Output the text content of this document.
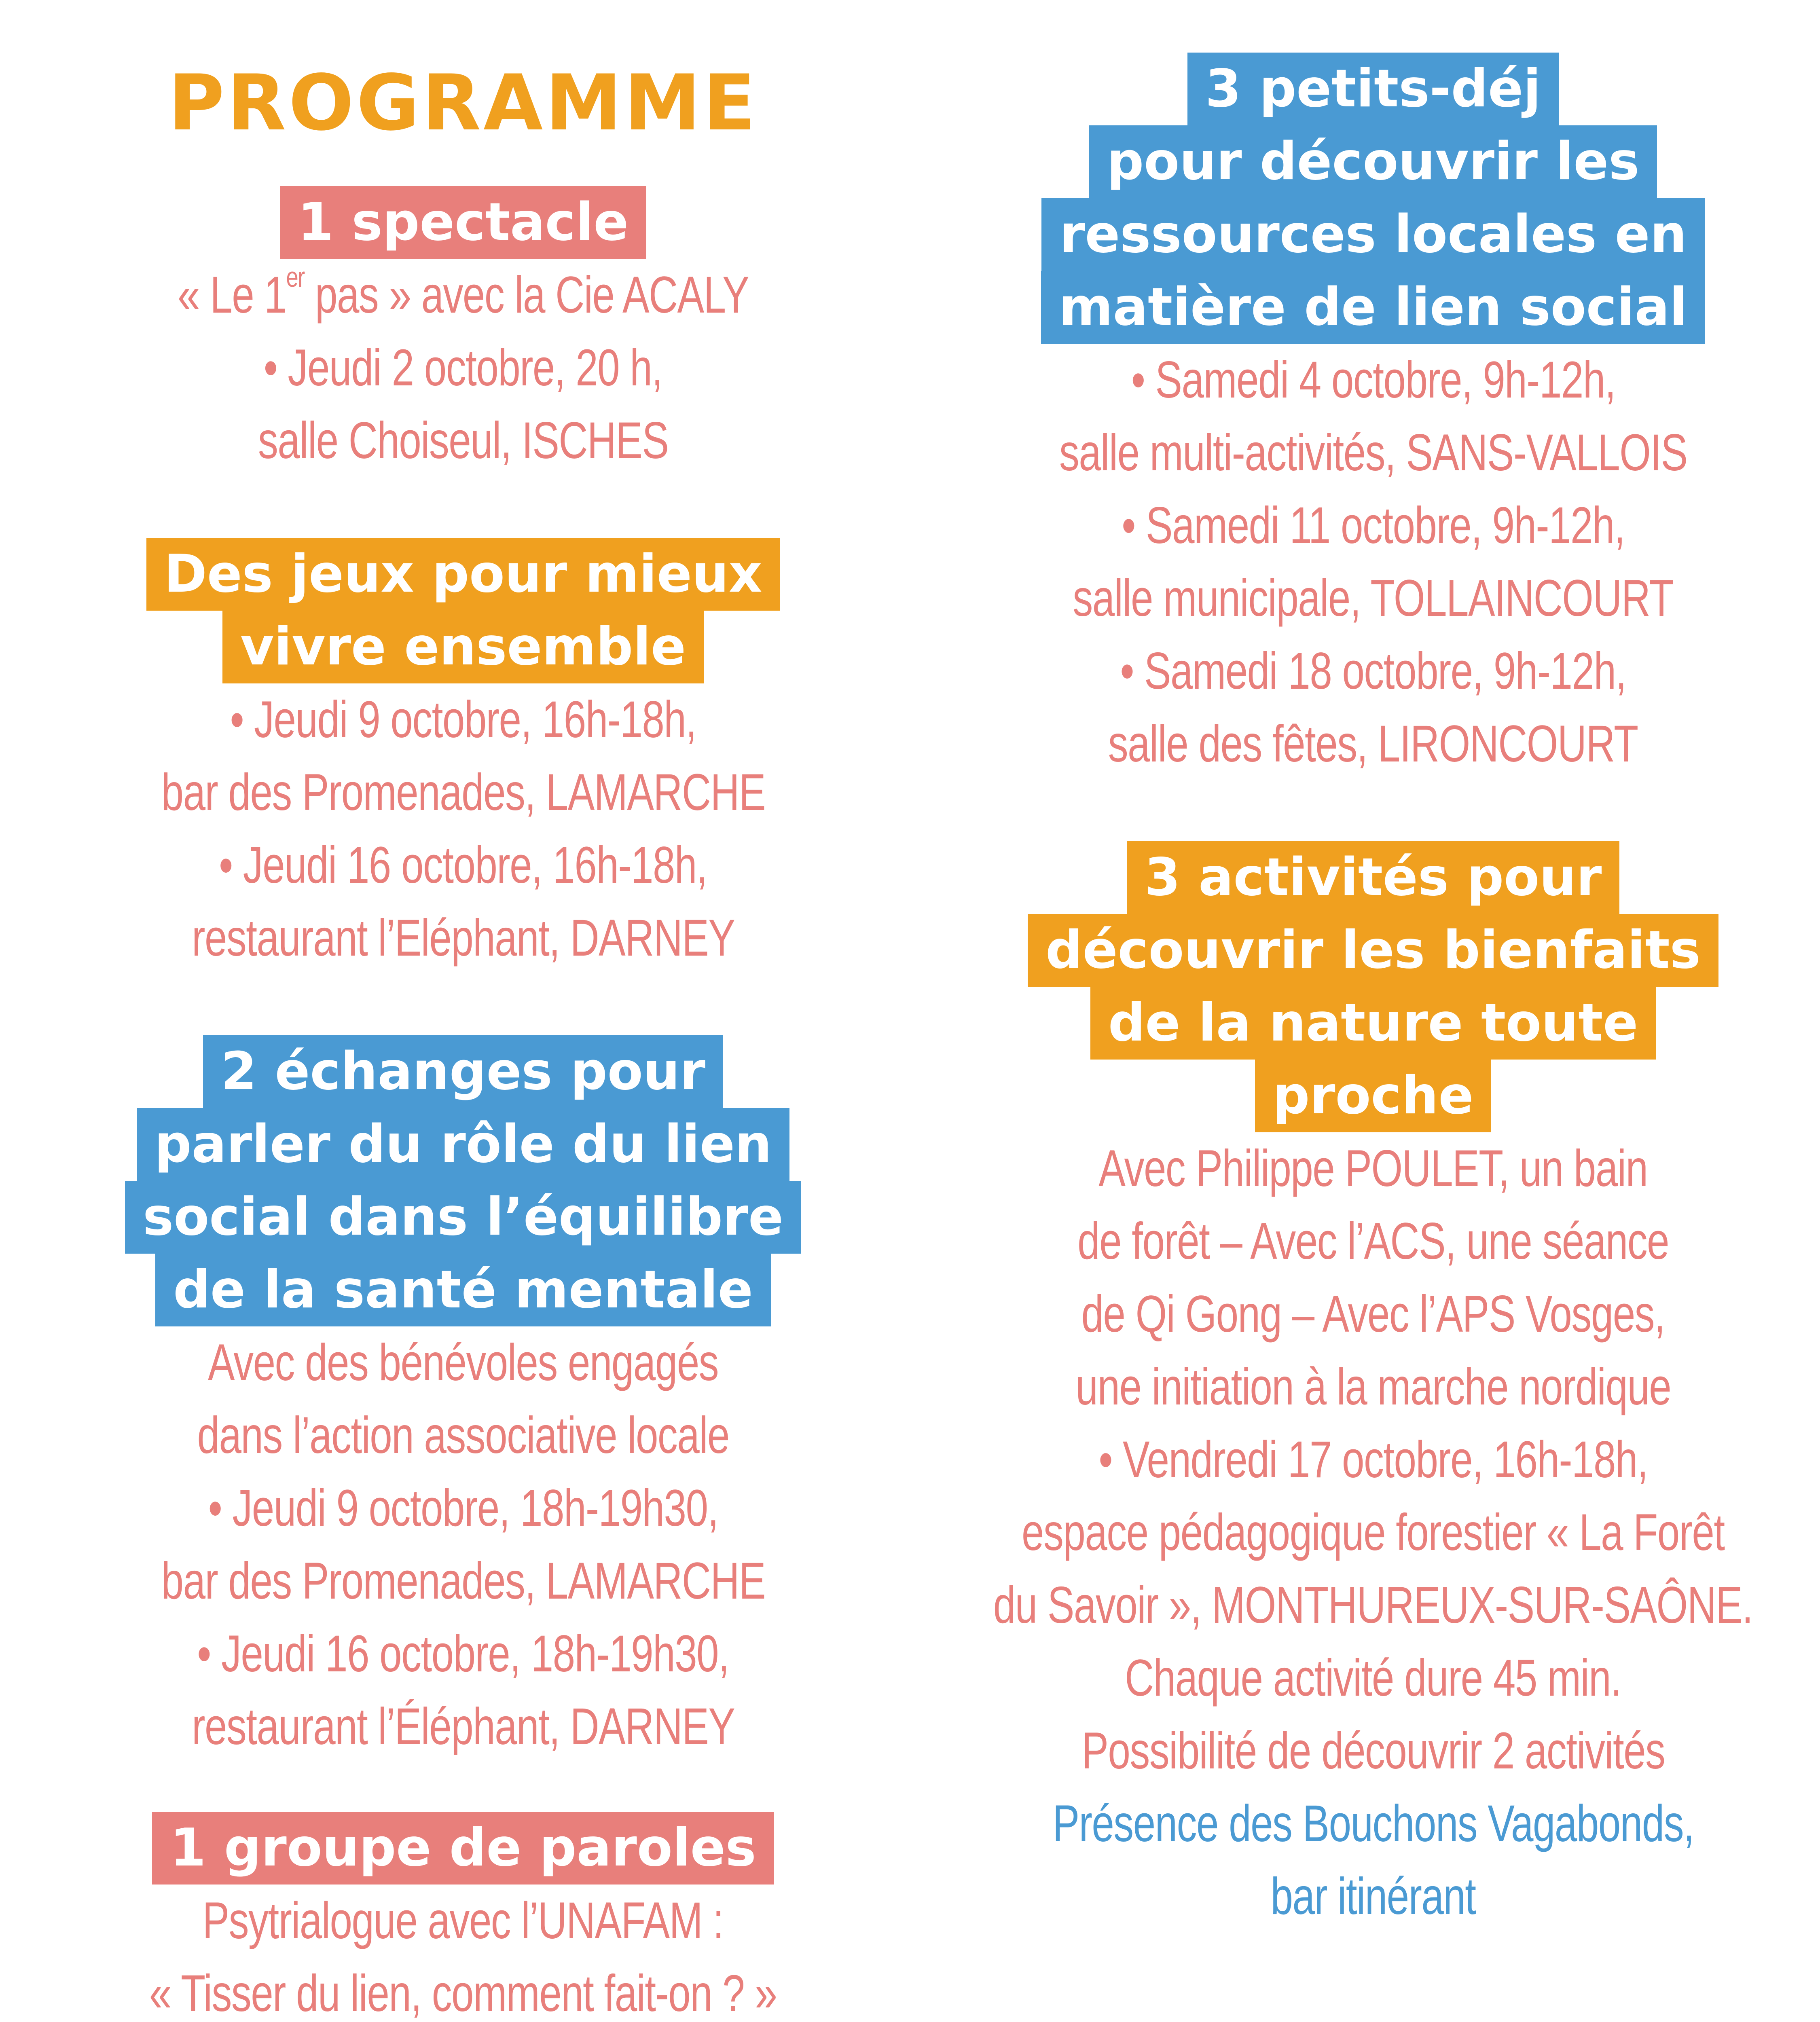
PROGRAMME
1 spectacle
« Le 1er pas » avec la Cie ACALY
• Jeudi 2 octobre, 20 h,
salle Choiseul, ISCHES
Des jeux pour mieux
vivre ensemble
• Jeudi 9 octobre, 16h-18h,
bar des Promenades, LAMARCHE
• Jeudi 16 octobre, 16h-18h,
restaurant l’Eléphant, DARNEY
2 échanges pour
parler du rôle du lien
social dans l’équilibre
de la santé mentale
Avec des bénévoles engagés
dans l’action associative locale
• Jeudi 9 octobre, 18h-19h30,
bar des Promenades, LAMARCHE
• Jeudi 16 octobre, 18h-19h30,
restaurant l’Éléphant, DARNEY
1 groupe de paroles
Psytrialogue avec l’UNAFAM :
« Tisser du lien, comment fait-on ? »
3 petits-déj
pour découvrir les
ressources locales en
matière de lien social
• Samedi 4 octobre, 9h-12h,
salle multi-activités, SANS-VALLOIS
• Samedi 11 octobre, 9h-12h,
salle municipale, TOLLAINCOURT
• Samedi 18 octobre, 9h-12h,
salle des fêtes, LIRONCOURT
3 activités pour
découvrir les bienfaits
de la nature toute
proche
Avec Philippe POULET, un bain
de forêt – Avec l’ACS, une séance
de Qi Gong – Avec l’APS Vosges,
une initiation à la marche nordique
• Vendredi 17 octobre, 16h-18h,
espace pédagogique forestier « La Forêt
du Savoir », MONTHUREUX-SUR-SAÔNE.
Chaque activité dure 45 min.
Possibilité de découvrir 2 activités
Présence des Bouchons Vagabonds,
bar itinérant
